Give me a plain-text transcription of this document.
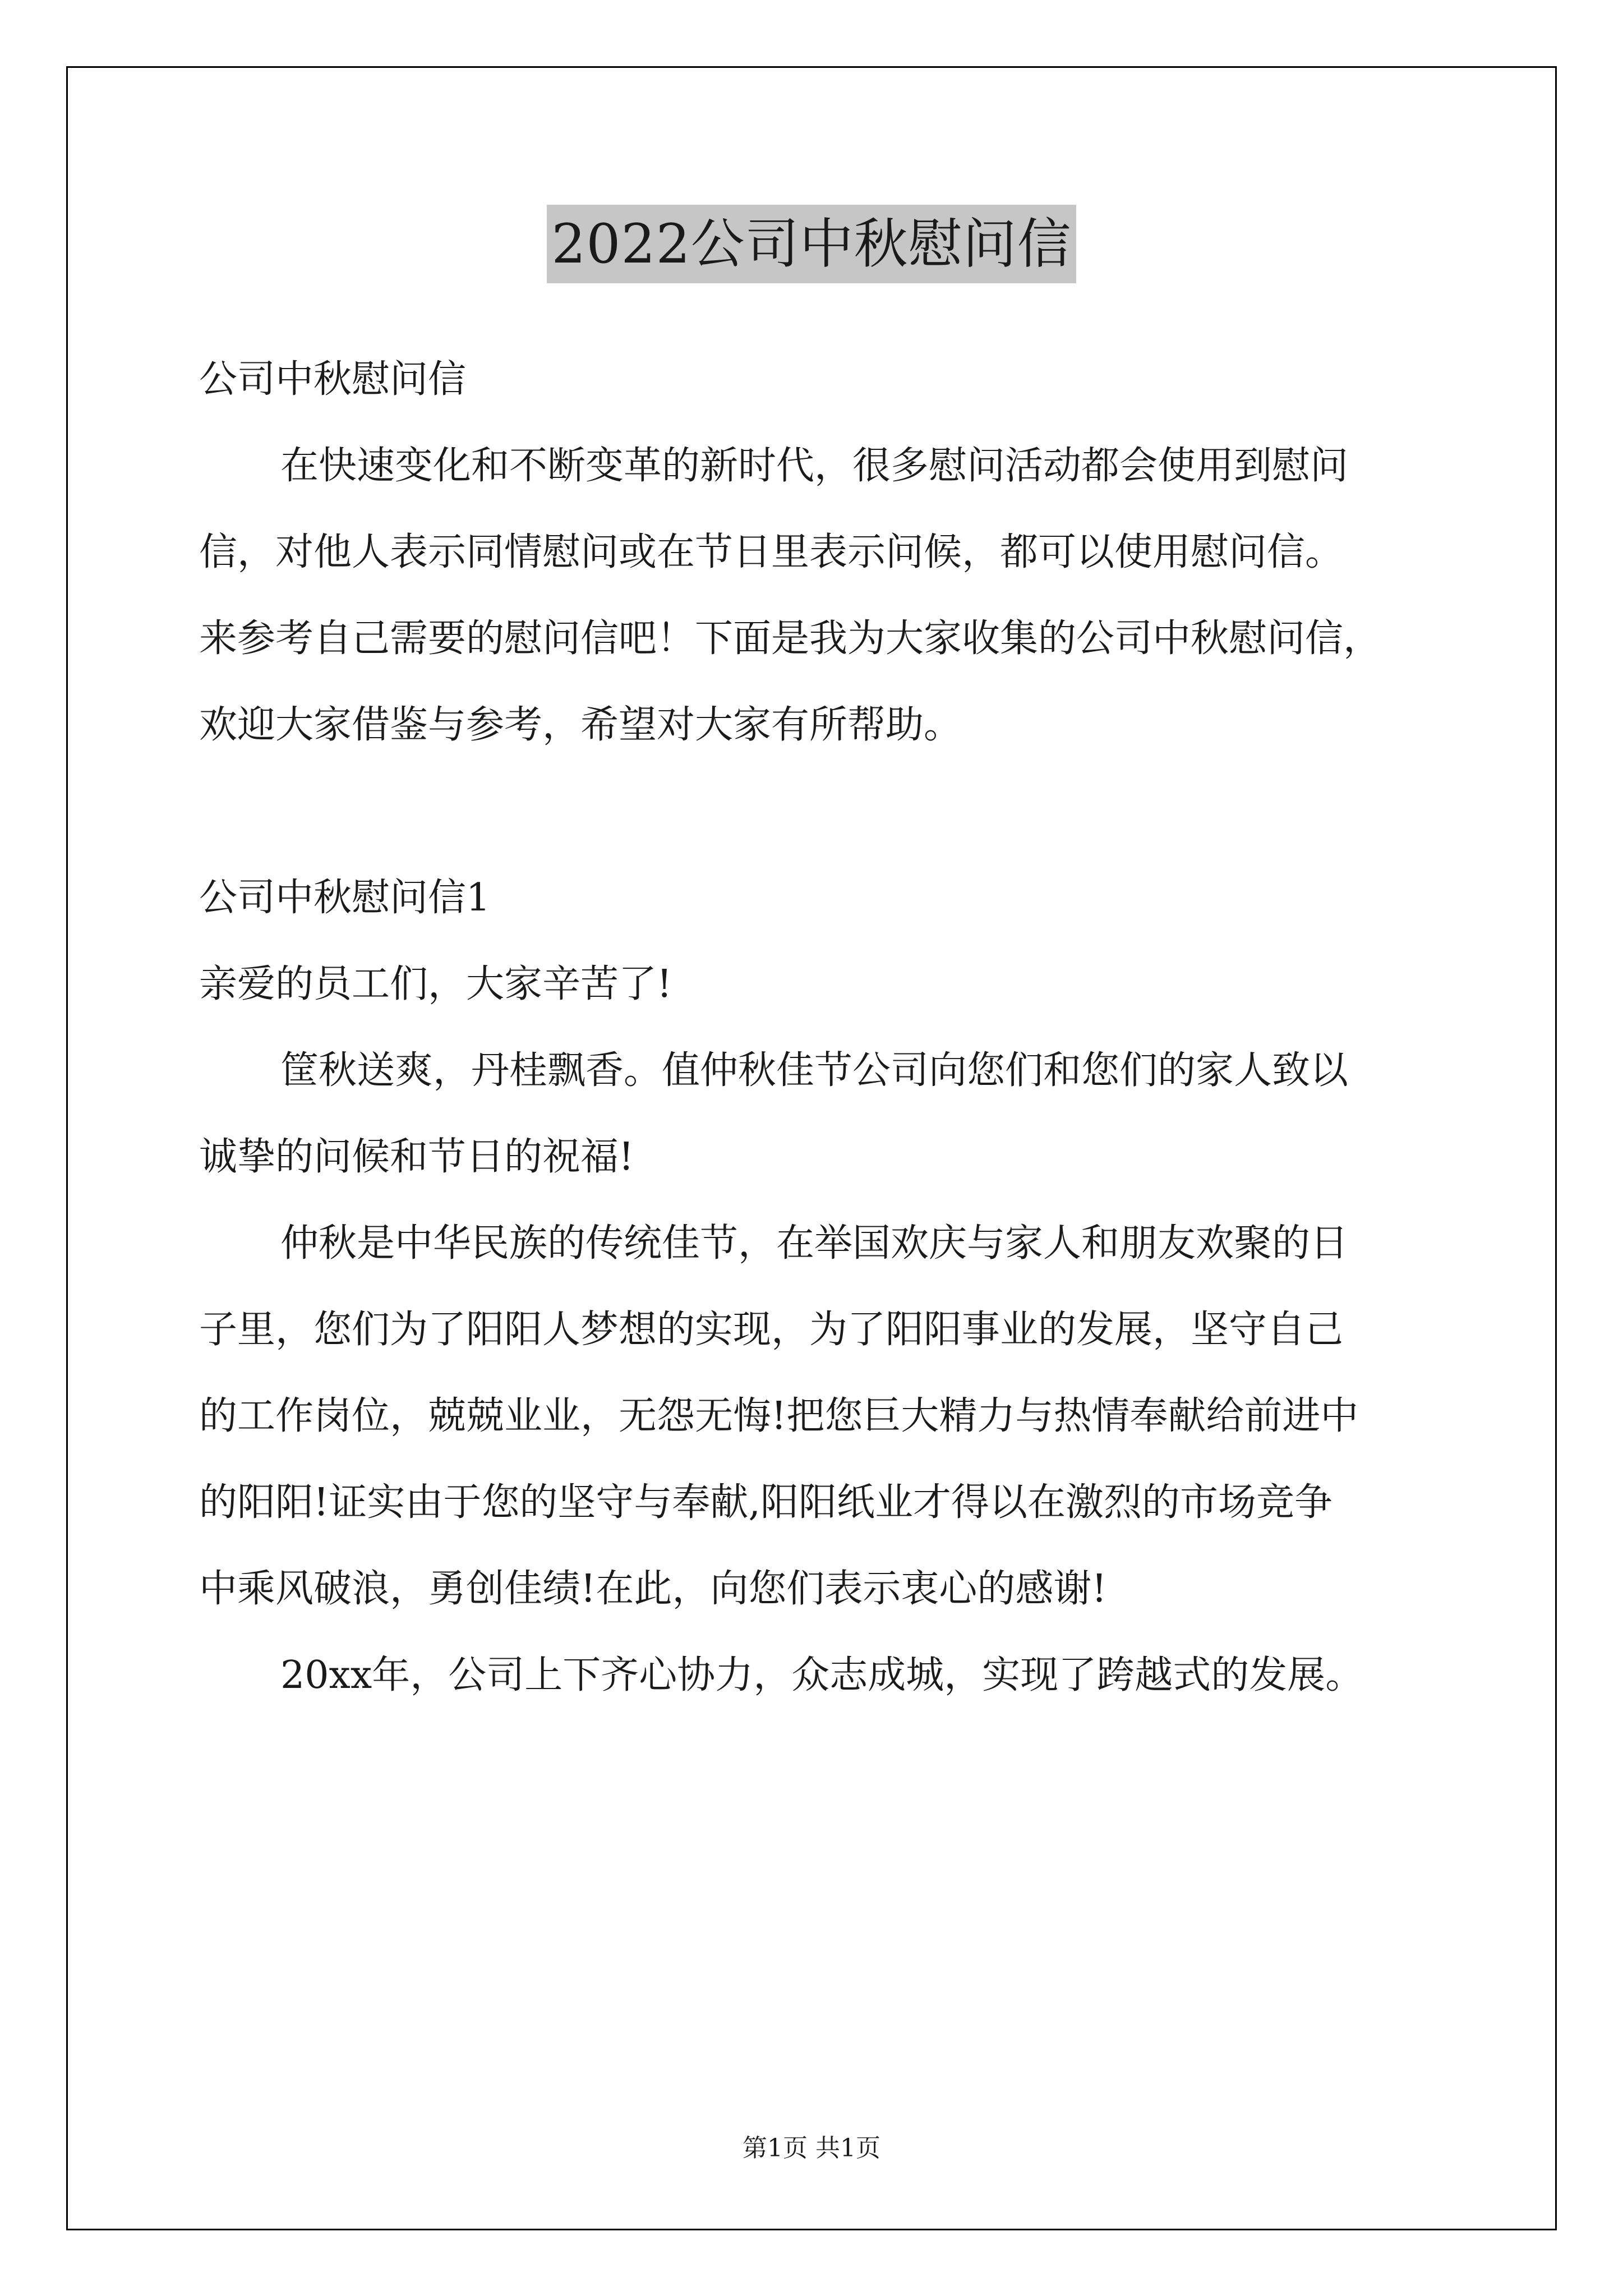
2022公司中秋慰问信
公司中秋慰问信
在快速变化和不断变革的新时代，很多慰问活动都会使用到慰问
信，对他人表示同情慰问或在节日里表示问候，都可以使用慰问信。
来参考自己需要的慰问信吧！下面是我为大家收集的公司中秋慰问信，
欢迎大家借鉴与参考，希望对大家有所帮助。
公司中秋慰问信1
亲爱的员工们，大家辛苦了!
筐秋送爽，丹桂飘香。值仲秋佳节公司向您们和您们的家人致以
诚挚的问候和节日的祝福!
仲秋是中华民族的传统佳节，在举国欢庆与家人和朋友欢聚的日
子里，您们为了阳阳人梦想的实现，为了阳阳事业的发展，坚守自己
的工作岗位，兢兢业业，无怨无悔!把您巨大精力与热情奉献给前进中
的阳阳!证实由于您的坚守与奉献,阳阳纸业才得以在激烈的市场竞争
中乘风破浪，勇创佳绩!在此，向您们表示衷心的感谢!
20xx年，公司上下齐心协力，众志成城，实现了跨越式的发展。
第1页 共1页
